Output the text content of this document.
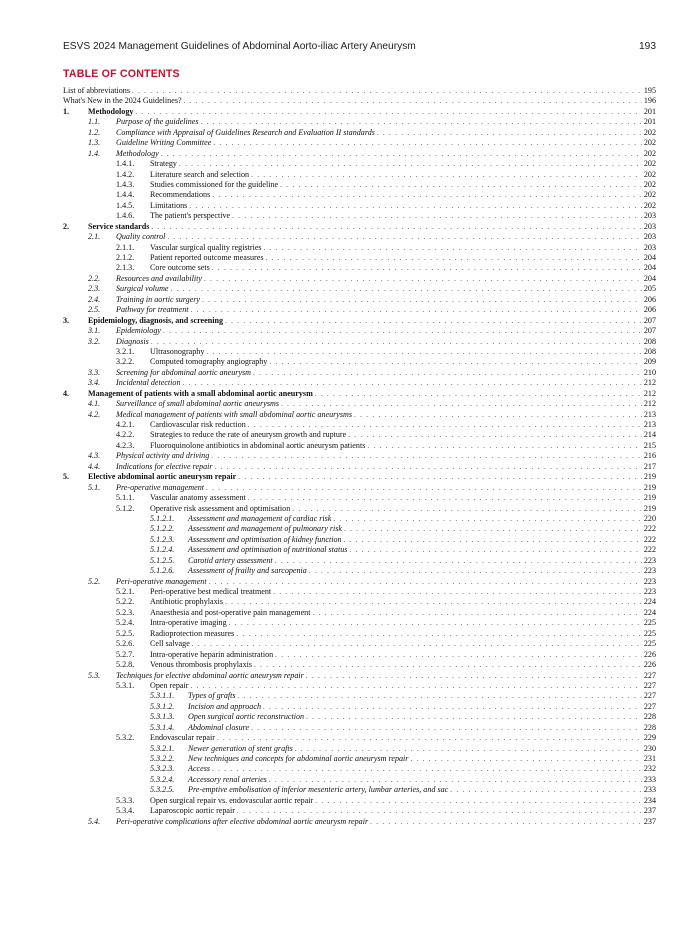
ESVS 2024 Management Guidelines of Abdominal Aorto-iliac Artery Aneurysm	193
TABLE OF CONTENTS
List of abbreviations . . .	195
What's New in the 2024 Guidelines? . . .	196
1.	Methodology . . .	201
1.1.	Purpose of the guidelines . . .	201
1.2.	Compliance with Appraisal of Guidelines Research and Evaluation II standards . . .	202
1.3.	Guideline Writing Committee . . .	202
1.4.	Methodology . . .	202
1.4.1.	Strategy . . .	202
1.4.2.	Literature search and selection . . .	202
1.4.3.	Studies commissioned for the guideline . . .	202
1.4.4.	Recommendations . . .	202
1.4.5.	Limitations . . .	202
1.4.6.	The patient's perspective . . .	203
2.	Service standards . . .	203
2.1.	Quality control . . .	203
2.1.1.	Vascular surgical quality registries . . .	203
2.1.2.	Patient reported outcome measures . . .	204
2.1.3.	Core outcome sets . . .	204
2.2.	Resources and availability . . .	204
2.3.	Surgical volume . . .	205
2.4.	Training in aortic surgery . . .	206
2.5.	Pathway for treatment . . .	206
3.	Epidemiology, diagnosis, and screening . . .	207
3.1.	Epidemiology . . .	207
3.2.	Diagnosis . . .	208
3.2.1.	Ultrasonography . . .	208
3.2.2.	Computed tomography angiography . . .	209
3.3.	Screening for abdominal aortic aneurysm . . .	210
3.4.	Incidental detection . . .	212
4.	Management of patients with a small abdominal aortic aneurysm . . .	212
4.1.	Surveillance of small abdominal aortic aneurysms . . .	212
4.2.	Medical management of patients with small abdominal aortic aneurysms . . .	213
4.2.1.	Cardiovascular risk reduction . . .	213
4.2.2.	Strategies to reduce the rate of aneurysm growth and rupture . . .	214
4.2.3.	Fluoroquinolone antibiotics in abdominal aortic aneurysm patients . . .	215
4.3.	Physical activity and driving . . .	216
4.4.	Indications for elective repair . . .	217
5.	Elective abdominal aortic aneurysm repair . . .	219
5.1.	Pre-operative management . . .	219
5.1.1.	Vascular anatomy assessment . . .	219
5.1.2.	Operative risk assessment and optimisation . . .	219
5.1.2.1.	Assessment and management of cardiac risk . . .	220
5.1.2.2.	Assessment and management of pulmonary risk . . .	222
5.1.2.3.	Assessment and optimisation of kidney function . . .	222
5.1.2.4.	Assessment and optimisation of nutritional status . . .	222
5.1.2.5.	Carotid artery assessment . . .	223
5.1.2.6.	Assessment of frailty and sarcopenia . . .	223
5.2.	Peri-operative management . . .	223
5.2.1.	Peri-operative best medical treatment . . .	223
5.2.2.	Antibiotic prophylaxis . . .	224
5.2.3.	Anaesthesia and post-operative pain management . . .	224
5.2.4.	Intra-operative imaging . . .	225
5.2.5.	Radioprotection measures . . .	225
5.2.6.	Cell salvage . . .	225
5.2.7.	Intra-operative heparin administration . . .	226
5.2.8.	Venous thrombosis prophylaxis . . .	226
5.3.	Techniques for elective abdominal aortic aneurysm repair . . .	227
5.3.1.	Open repair . . .	227
5.3.1.1.	Types of grafts . . .	227
5.3.1.2.	Incision and approach . . .	227
5.3.1.3.	Open surgical aortic reconstruction . . .	228
5.3.1.4.	Abdominal closure . . .	228
5.3.2.	Endovascular repair . . .	229
5.3.2.1.	Newer generation of stent grafts . . .	230
5.3.2.2.	New techniques and concepts for abdominal aortic aneurysm repair . . .	231
5.3.2.3.	Access . . .	232
5.3.2.4.	Accessory renal arteries . . .	233
5.3.2.5.	Pre-emptive embolisation of inferior mesenteric artery, lumbar arteries, and sac . . .	233
5.3.3.	Open surgical repair vs. endovascular aortic repair . . .	234
5.3.4.	Laparoscopic aortic repair . . .	237
5.4.	Peri-operative complications after elective abdominal aortic aneurysm repair . . .	237
